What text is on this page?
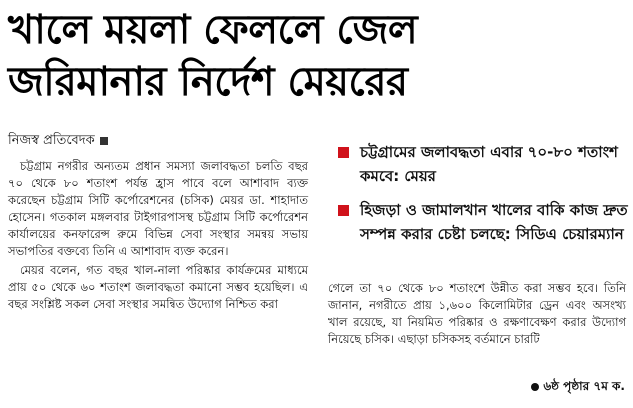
খালে ময়লা ফেললে জেল
জরিমানার নির্দেশ মেয়রের
নিজস্ব প্রতিবেদক

চট্টগ্রাম নগরীর অন্যতম প্রধান সমস্যা জলাবদ্ধতা চলতি বছর ৭০ থেকে ৮০ শতাংশ পর্যন্ত হ্রাস পাবে বলে আশাবাদ ব্যক্ত করেছেন চট্টগ্রাম সিটি কর্পোরেশনের (চসিক) মেয়র ডা. শাহাদাত হোসেন। গতকাল মঙ্গলবার টাইগারপাসস্থ চট্টগ্রাম সিটি কর্পোরেশন কার্যালয়ের কনফারেন্স রুমে বিভিন্ন সেবা সংস্থার সমন্বয় সভায় সভাপতির বক্তব্যে তিনি এ আশাবাদ ব্যক্ত করেন।

মেয়র বলেন, গত বছর খাল-নালা পরিষ্কার কার্যক্রমের মাধ্যমে প্রায় ৫০ থেকে ৬০ শতাংশ জলাবদ্ধতা কমানো সম্ভব হয়েছিল। এ বছর সংশ্লিষ্ট সকল সেবা সংস্থার সমন্বিত উদ্যোগ নিশ্চিত করা

চট্টগ্রামের জলাবদ্ধতা এবার ৭০-৮০ শতাংশ কমবে: মেয়র
হিজড়া ও জামালখান খালের বাকি কাজ দ্রুত সম্পন্ন করার চেষ্টা চলছে: সিডিএ চেয়ারম্যান

গেলে তা ৭০ থেকে ৮০ শতাংশে উন্নীত করা সম্ভব হবে। তিনি জানান, নগরীতে প্রায় ১,৬০০ কিলোমিটার ড্রেন এবং অসংখ্য খাল রয়েছে, যা নিয়মিত পরিষ্কার ও রক্ষণাবেক্ষণ করার উদ্যোগ নিয়েছে চসিক। এছাড়া চসিকসহ বর্তমানে চারটি

৬ষ্ঠ পৃষ্ঠার ৭ম ক.
